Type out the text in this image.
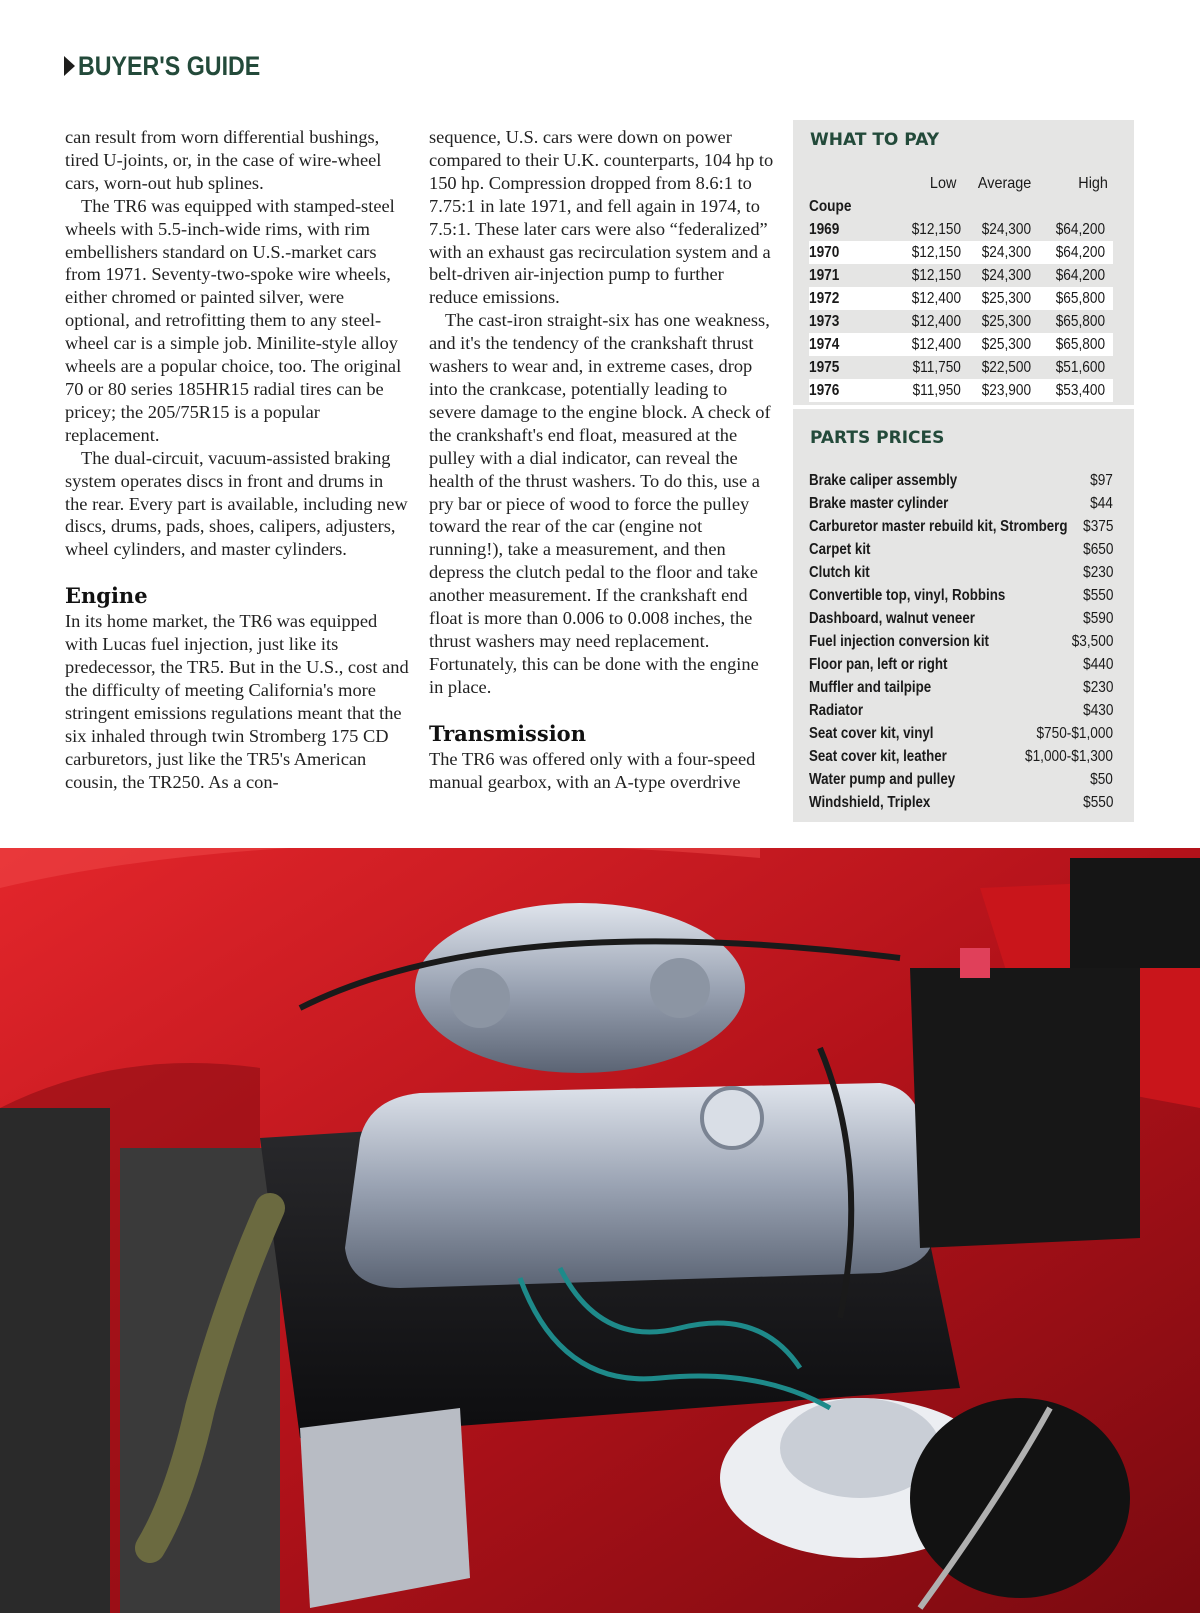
BUYER'S GUIDE

can result from worn differential bushings, tired U-joints, or, in the case of wire-wheel cars, worn-out hub splines.

The TR6 was equipped with stamped-steel wheels with 5.5-inch-wide rims, with rim embellishers standard on U.S.-market cars from 1971. Seventy-two-spoke wire wheels, either chromed or painted silver, were optional, and retrofitting them to any steel-wheel car is a simple job. Minilite-style alloy wheels are a popular choice, too. The original 70 or 80 series 185HR15 radial tires can be pricey; the 205/75R15 is a popular replacement.

The dual-circuit, vacuum-assisted braking system operates discs in front and drums in the rear. Every part is available, including new discs, drums, pads, shoes, calipers, adjusters, wheel cylinders, and master cylinders.

Engine

In its home market, the TR6 was equipped with Lucas fuel injection, just like its predecessor, the TR5. But in the U.S., cost and the difficulty of meeting California's more stringent emissions regulations meant that the six inhaled through twin Stromberg 175 CD carburetors, just like the TR5's American cousin, the TR250. As a con-

sequence, U.S. cars were down on power compared to their U.K. counterparts, 104 hp to 150 hp. Compression dropped from 8.6:1 to 7.75:1 in late 1971, and fell again in 1974, to 7.5:1. These later cars were also “federalized” with an exhaust gas recirculation system and a belt-driven air-injection pump to further reduce emissions.

The cast-iron straight-six has one weakness, and it's the tendency of the crankshaft thrust washers to wear and, in extreme cases, drop into the crankcase, potentially leading to severe damage to the engine block. A check of the crankshaft's end float, measured at the pulley with a dial indicator, can reveal the health of the thrust washers. To do this, use a pry bar or piece of wood to force the pulley toward the rear of the car (engine not running!), take a measurement, and then depress the clutch pedal to the floor and take another measurement. If the crankshaft end float is more than 0.006 to 0.008 inches, the thrust washers may need replacement. Fortunately, this can be done with the engine in place.

Transmission

The TR6 was offered only with a four-speed manual gearbox, with an A-type overdrive

WHAT TO PAY
Low Average	High
Coupe
1969	$12,150 $24,300 $64,200
1970	$12,150 $24,300 $64,200
1971	$12,150 $24,300 $64,200
1972	$12,400 $25,300 $65,800
1973	$12,400 $25,300 $65,800
1974	$12,400 $25,300 $65,800
1975	$11,750 $22,500 $51,600
1976	$11,950 $23,900 $53,400
PARTS PRICES
Brake caliper assembly	$97
Brake master cylinder	$44
Carburetor master rebuild kit, Stromberg $375
Carpet kit	$650
Clutch kit	$230
Convertible top, vinyl, Robbins	$550
Dashboard, walnut veneer	$590
Fuel injection conversion kit	$3,500
Floor pan, left or right	$440
Muffler and tailpipe	$230
Radiator	$430
Seat cover kit, vinyl	$750-$1,000
Seat cover kit, leather	$1,000-$1,300
Water pump and pulley	$50
Windshield, Triplex	$550
